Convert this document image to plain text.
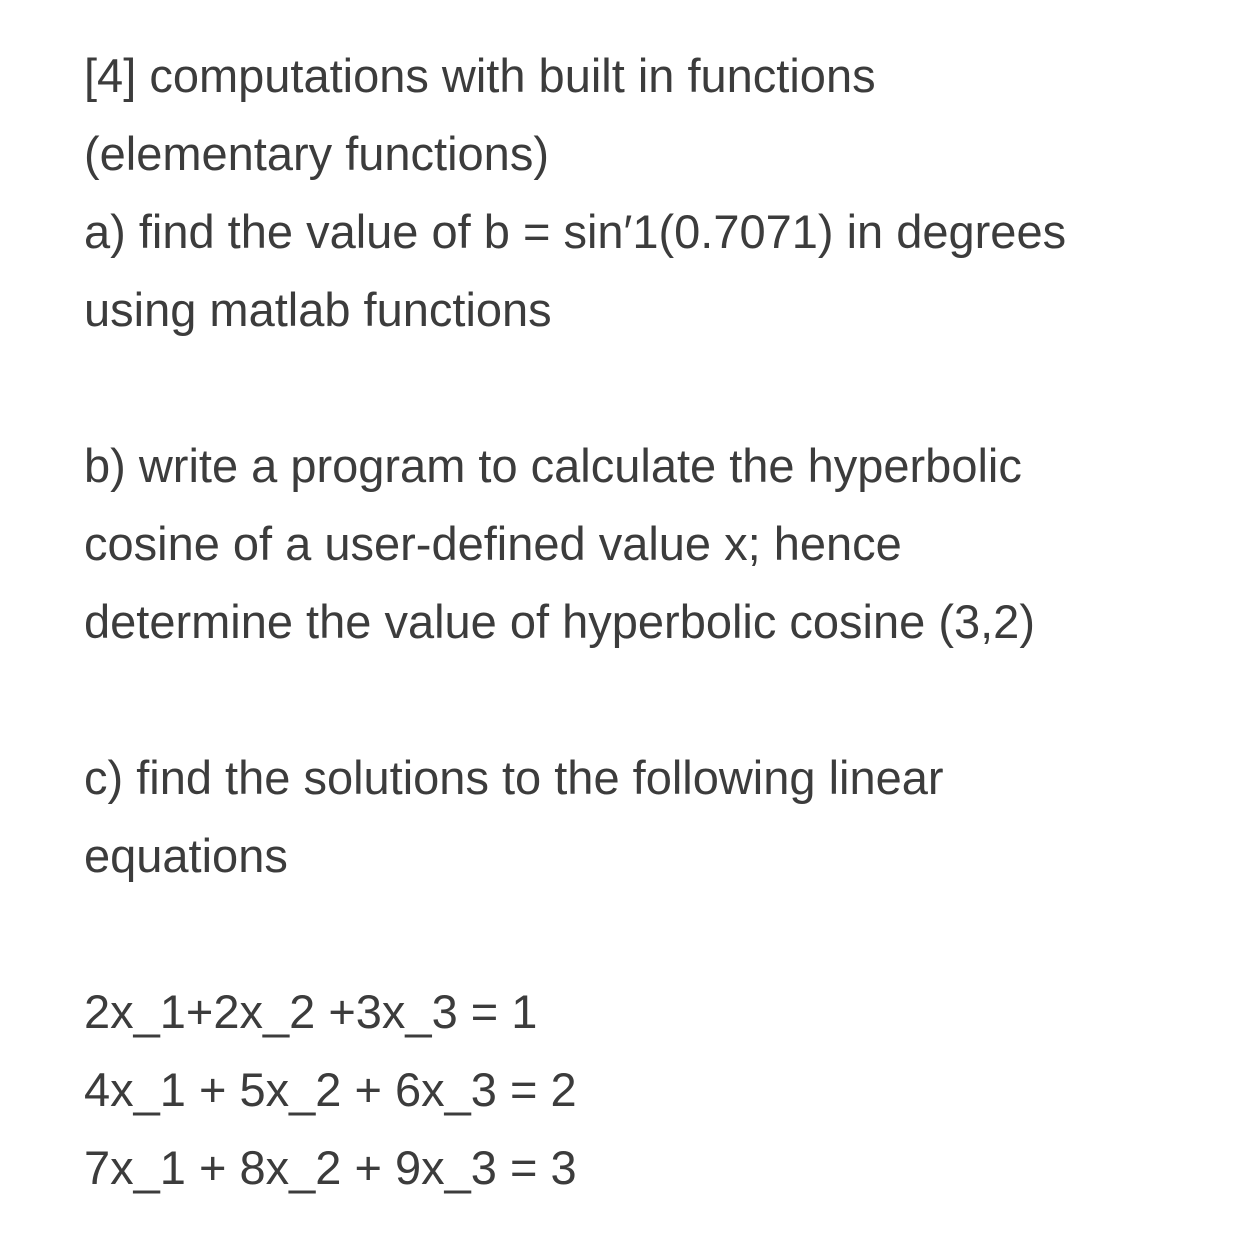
[4] computations with built in functions
(elementary functions)
a) find the value of b = sin′1(0.7071) in degrees
using matlab functions
b) write a program to calculate the hyperbolic
cosine of a user-defined value x; hence
determine the value of hyperbolic cosine (3,2)
c) find the solutions to the following linear
equations
2x_1+2x_2 +3x_3 = 1
4x_1 + 5x_2 + 6x_3 = 2
7x_1 + 8x_2 + 9x_3 = 3
